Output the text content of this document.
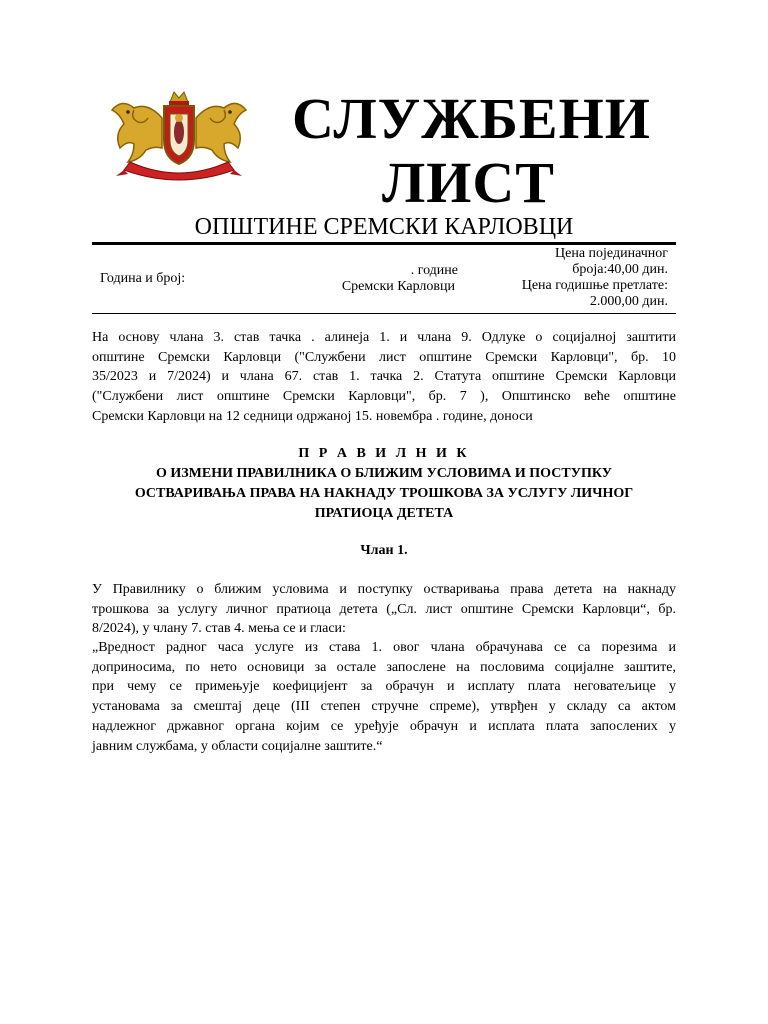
СЛУЖБЕНИ
ЛИСТ
ОПШТИНЕ СРЕМСКИ КАРЛОВЦИ
Година и број:
. године
Сремски Карловци
Цена појединачног
броја:40,00 дин.
Цена годишње претлате:
2.000,00 дин.
На основу члана 3. став тачка . алинеја 1. и члана 9. Одлуке о социјалној заштити
општине Сремски Карловци ("Службени лист општине Сремски Карловци", бр. 10
35/2023 и 7/2024) и члана 67. став 1. тачка 2. Статута општине Сремски Карловци
("Службени лист општине Сремски Карловци", бр. 7 ), Општинско веће општине
Сремски Карловци на 12 седници одржаној 15. новембра . године, доноси
П Р А В И Л Н И К
О ИЗМЕНИ ПРАВИЛНИКА О БЛИЖИМ УСЛОВИМА И ПОСТУПКУ
ОСТВАРИВАЊА ПРАВА НА НАКНАДУ ТРОШКОВА ЗА УСЛУГУ ЛИЧНОГ
ПРАТИОЦА ДЕТЕТА
Члан 1.
У Правилнику о ближим условима и поступку остваривања права детета на накнаду
трошкова за услугу личног пратиоца детета („Сл. лист општине Сремски Карловци“, бр.
8/2024), у члану 7. став 4. мења се и гласи:
„Вредност радног часа услуге из става 1. овог члана обрачунава се са порезима и
доприносима, по нето основици за остале запослене на пословима социјалне заштите,
при чему се примењује коефицијент за обрачун и исплату плата неговатељице у
установама за смештај деце (III степен стручне спреме), утврђен у складу са актом
надлежног државног органа којим се уређује обрачун и исплата плата запослених у
јавним службама, у области социјалне заштите.“
